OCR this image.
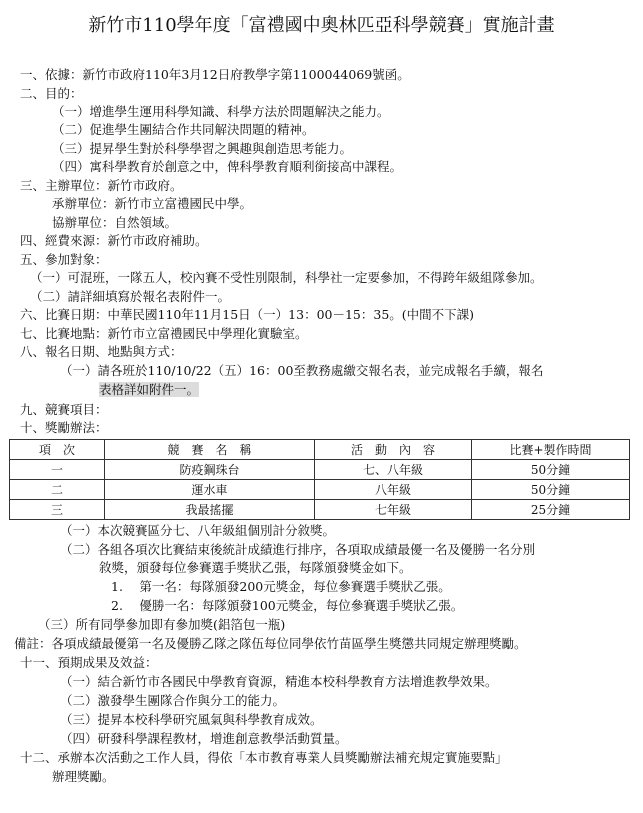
新竹市110學年度「富禮國中奧林匹亞科學競賽」實施計畫
一、依據：新竹市政府110年3月12日府教學字第1100044069號函。
二、目的：
（一）增進學生運用科學知識、科學方法於問題解決之能力。
（二）促進學生團結合作共同解決問題的精神。
（三）提昇學生對於科學學習之興趣與創造思考能力。
（四）寓科學教育於創意之中，俾科學教育順利銜接高中課程。
三、主辦單位：新竹市政府。
承辦單位：新竹市立富禮國民中學。
協辦單位：自然領域。
四、經費來源：新竹市政府補助。
五、參加對象：
（一）可混班，一隊五人，校內賽不受性別限制，科學社一定要參加，不得跨年級組隊參加。
（二）請詳細填寫於報名表附件一。
六、比賽日期：中華民國110年11月15日（一）13：00－15：35。(中間不下課)
七、比賽地點：新竹市立富禮國民中學理化實驗室。
八、報名日期、地點與方式：
（一）請各班於110/10/22（五）16：00至教務處繳交報名表，並完成報名手續，報名
表格詳如附件一。
九、競賽項目：
十、獎勵辦法：
項　次	競　賽　名　稱	活　動　內　容	比賽+製作時間
一	防疫鋼珠台	七、八年級	50分鐘
二	運水車	八年級	50分鐘
三	我最搖擺	七年級	25分鐘
（一）本次競賽區分七、八年級組個別計分敘獎。
（二）各組各項次比賽結束後統計成績進行排序，各項取成績最優一名及優勝一名分別
敘獎，頒發每位參賽選手獎狀乙張，每隊頒發獎金如下。
1.　 第一名：每隊頒發200元獎金，每位參賽選手獎狀乙張。
2.　 優勝一名：每隊頒發100元獎金，每位參賽選手獎狀乙張。
（三）所有同學參加即有參加獎(鋁箔包一瓶)
備註：各項成績最優第一名及優勝乙隊之隊伍每位同學依竹苗區學生獎懲共同規定辦理獎勵。
十一、預期成果及效益：
（一）結合新竹市各國民中學教育資源，精進本校科學教育方法增進教學效果。
（二）激發學生團隊合作與分工的能力。
（三）提昇本校科學研究風氣與科學教育成效。
（四）研發科學課程教材，增進創意教學活動質量。
十二、承辦本次活動之工作人員，得依「本市教育專業人員獎勵辦法補充規定實施要點」
辦理獎勵。
